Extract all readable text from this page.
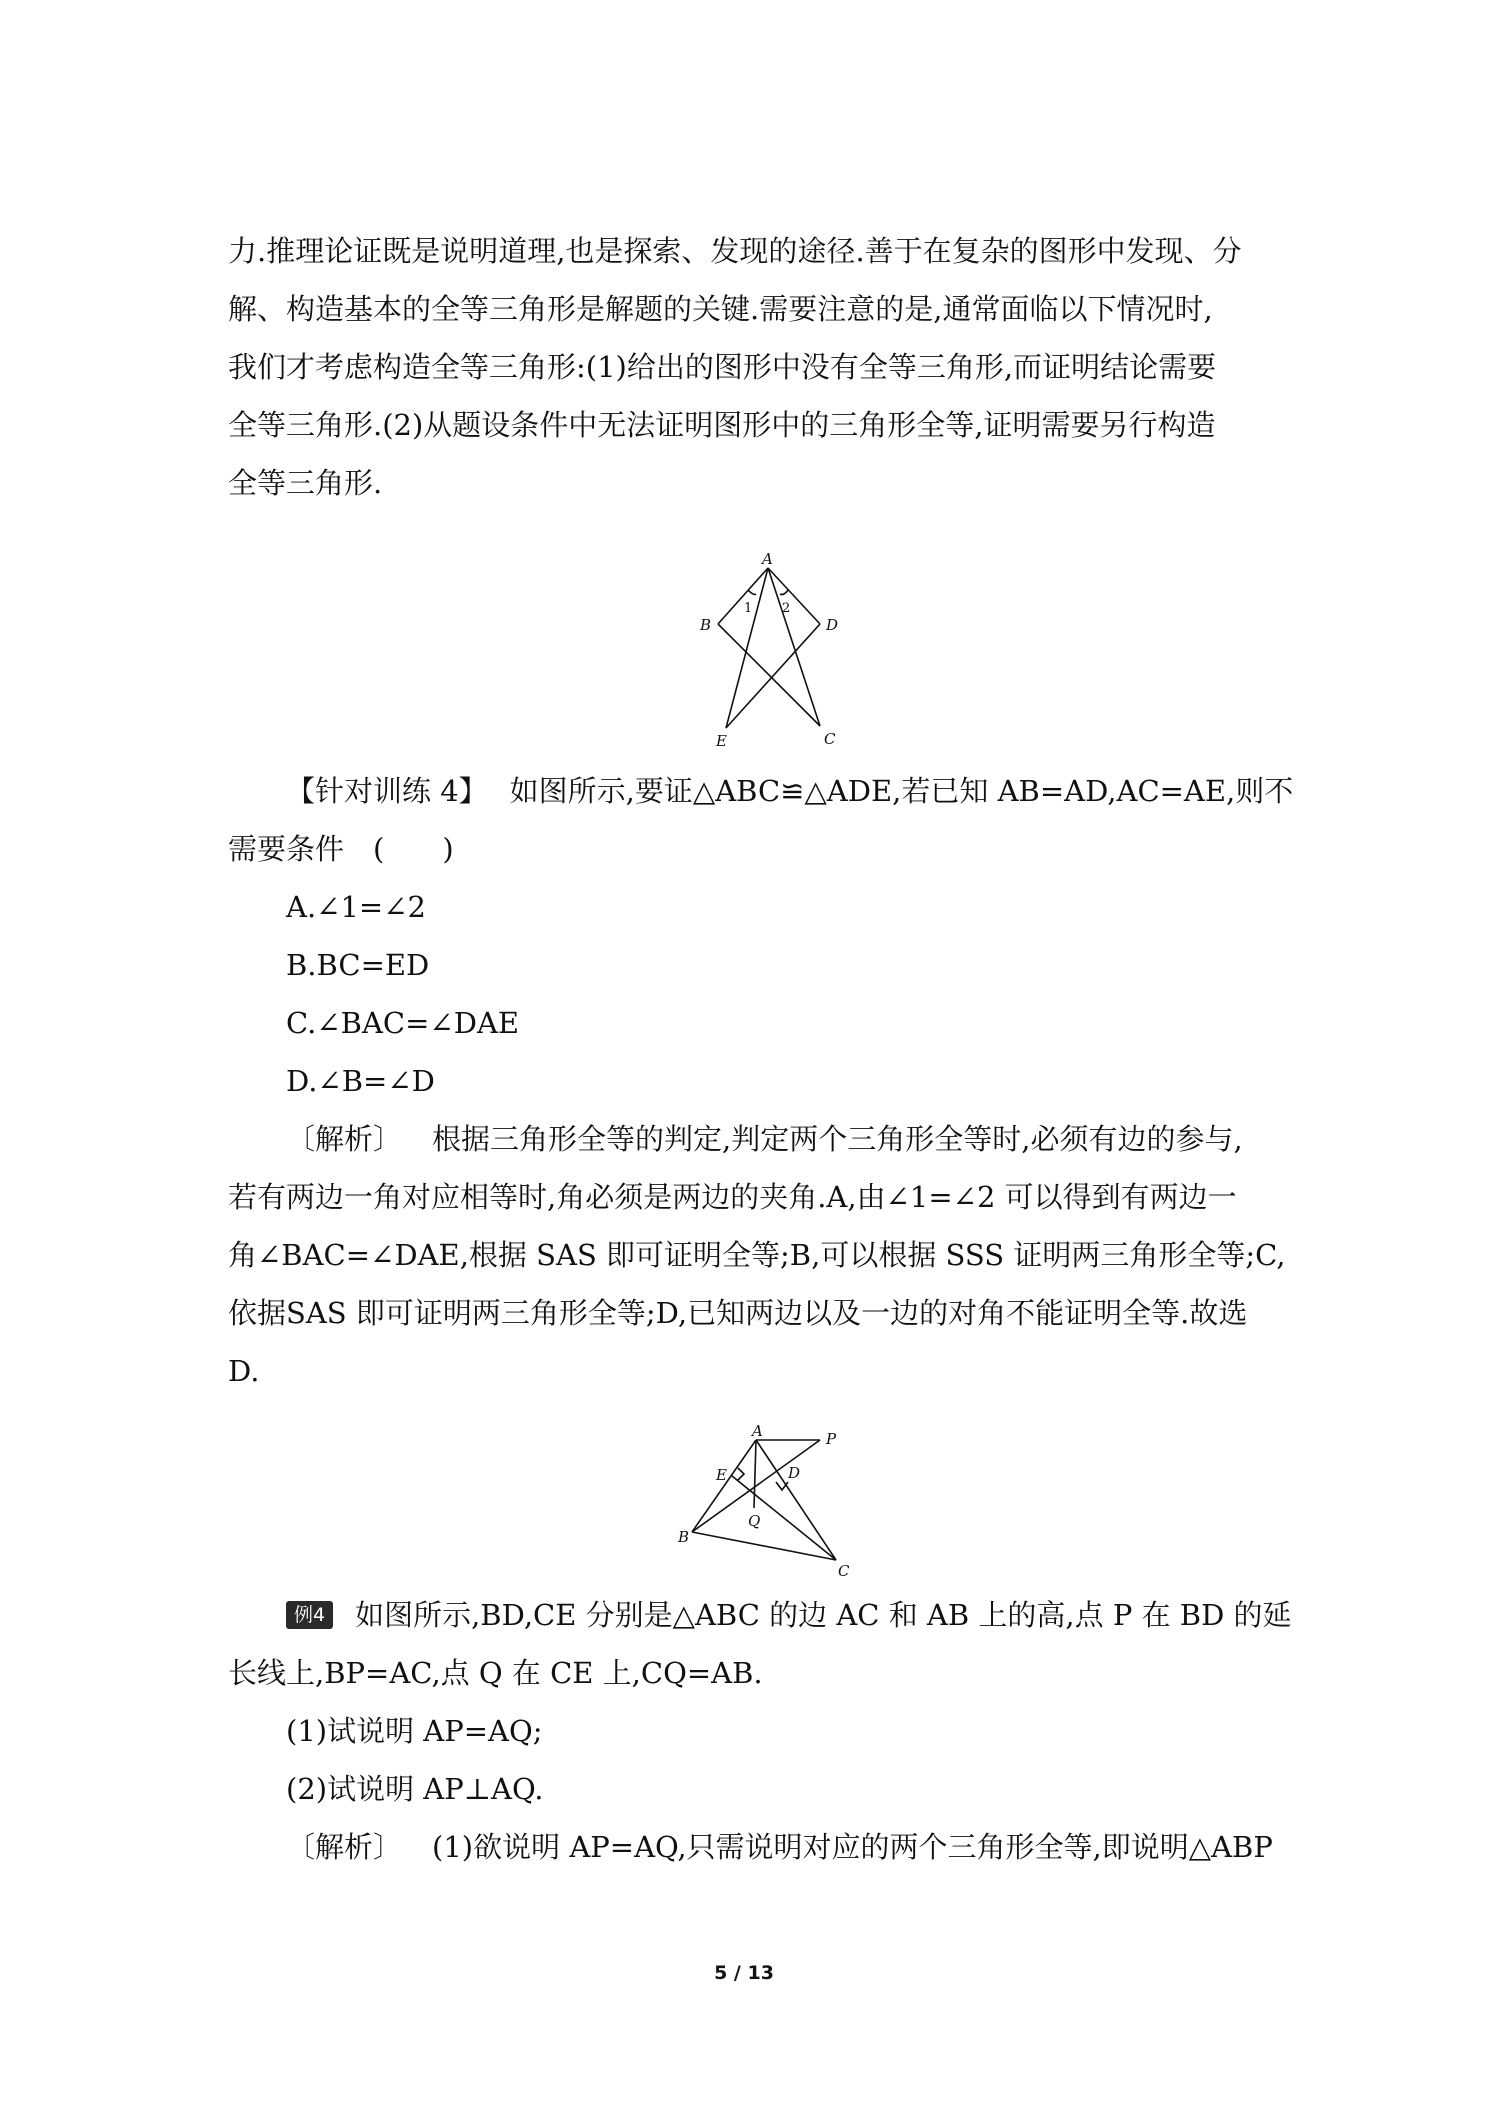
力.推理论证既是说明道理,也是探索、发现的途径.善于在复杂的图形中发现、分
解、构造基本的全等三角形是解题的关键.需要注意的是,通常面临以下情况时,
我们才考虑构造全等三角形:(1)给出的图形中没有全等三角形,而证明结论需要
全等三角形.(2)从题设条件中无法证明图形中的三角形全等,证明需要另行构造
全等三角形.
A
B	D
E	C
1 2
【针对训练 4】 如图所示,要证△ABC≌△ADE,若已知 AB=AD,AC=AE,则不
需要条件　(　　)
A.∠1=∠2
B.BC=ED
C.∠BAC=∠DAE
D.∠B=∠D
〔解析〕 根据三角形全等的判定,判定两个三角形全等时,必须有边的参与,
若有两边一角对应相等时,角必须是两边的夹角.A,由∠1=∠2 可以得到有两边一
角∠BAC=∠DAE,根据 SAS 即可证明全等;B,可以根据 SSS 证明两三角形全等;C,
依据SAS 即可证明两三角形全等;D,已知两边以及一边的对角不能证明全等.故选
D.
A	P
E	D
Q
B
C
例4 如图所示,BD,CE 分别是△ABC 的边 AC 和 AB 上的高,点 P 在 BD 的延
长线上,BP=AC,点 Q 在 CE 上,CQ=AB.
(1)试说明 AP=AQ;
(2)试说明 AP⊥AQ.
〔解析〕 (1)欲说明 AP=AQ,只需说明对应的两个三角形全等,即说明△ABP
5 / 13
